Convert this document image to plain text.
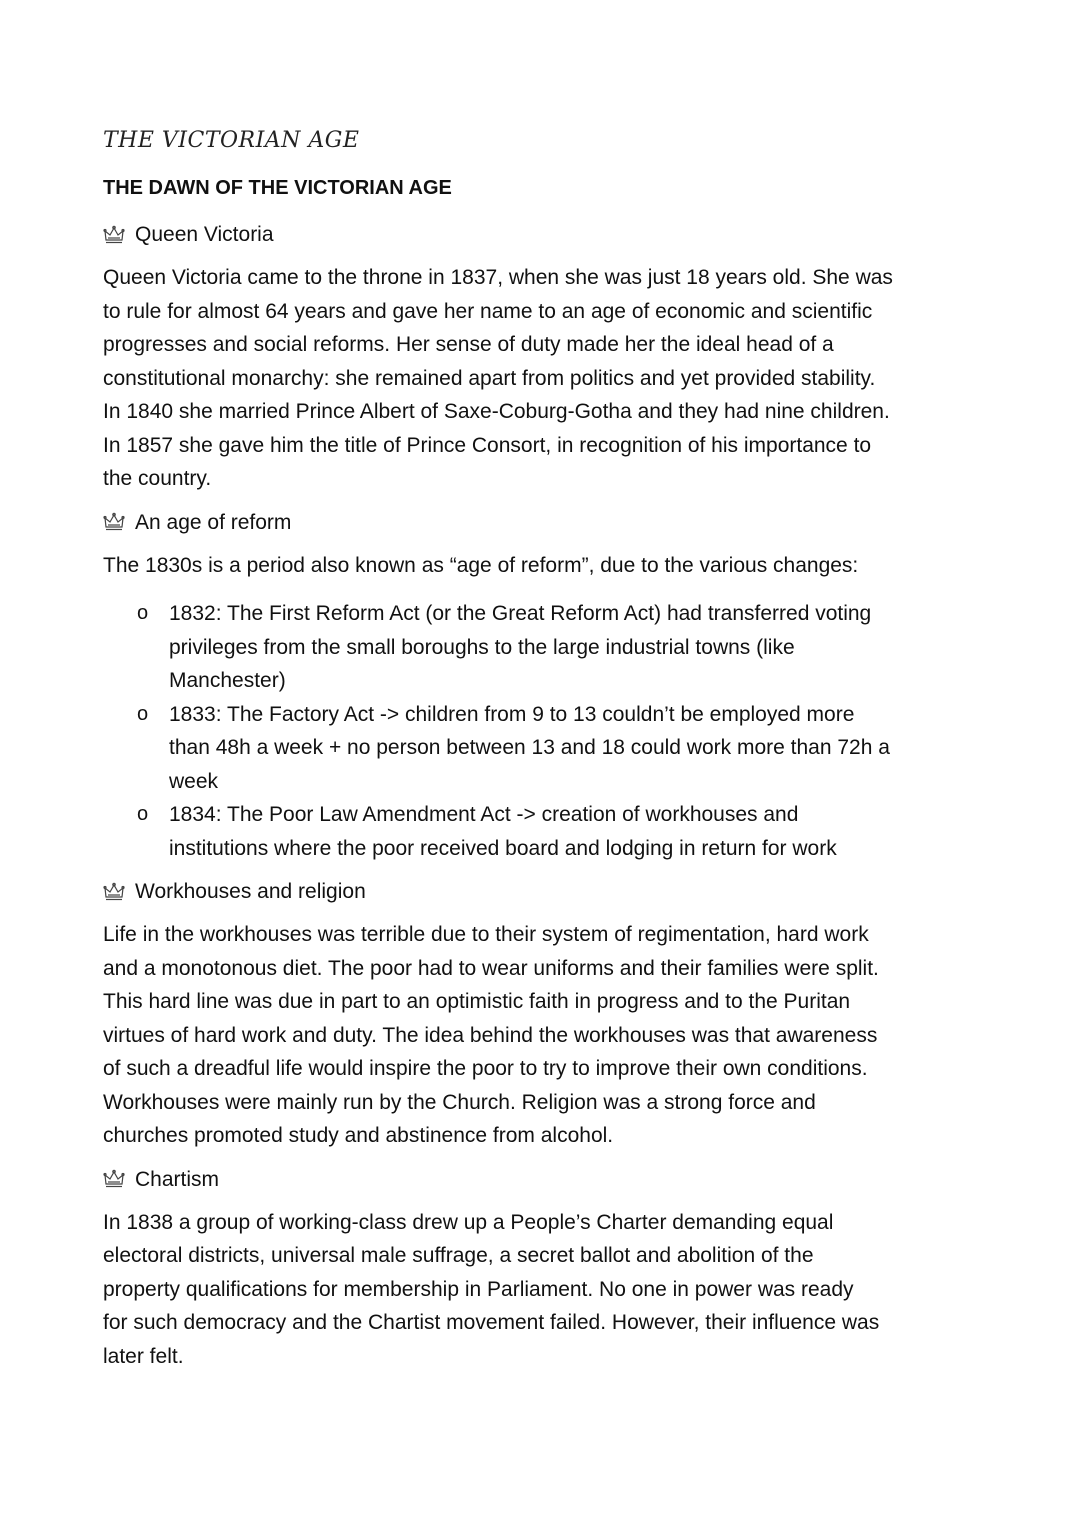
THE VICTORIAN AGE
THE DAWN OF THE VICTORIAN AGE
Queen Victoria
Queen Victoria came to the throne in 1837, when she was just 18 years old. She was
to rule for almost 64 years and gave her name to an age of economic and scientific
progresses and social reforms. Her sense of duty made her the ideal head of a
constitutional monarchy: she remained apart from politics and yet provided stability.
In 1840 she married Prince Albert of Saxe-Coburg-Gotha and they had nine children.
In 1857 she gave him the title of Prince Consort, in recognition of his importance to
the country.
An age of reform
The 1830s is a period also known as “age of reform”, due to the various changes:
o 1832: The First Reform Act (or the Great Reform Act) had transferred voting
privileges from the small boroughs to the large industrial towns (like
Manchester)
o 1833: The Factory Act -> children from 9 to 13 couldn’t be employed more
than 48h a week + no person between 13 and 18 could work more than 72h a
week
o 1834: The Poor Law Amendment Act -> creation of workhouses and
institutions where the poor received board and lodging in return for work
Workhouses and religion
Life in the workhouses was terrible due to their system of regimentation, hard work
and a monotonous diet. The poor had to wear uniforms and their families were split.
This hard line was due in part to an optimistic faith in progress and to the Puritan
virtues of hard work and duty. The idea behind the workhouses was that awareness
of such a dreadful life would inspire the poor to try to improve their own conditions.
Workhouses were mainly run by the Church. Religion was a strong force and
churches promoted study and abstinence from alcohol.
Chartism
In 1838 a group of working-class drew up a People’s Charter demanding equal
electoral districts, universal male suffrage, a secret ballot and abolition of the
property qualifications for membership in Parliament. No one in power was ready
for such democracy and the Chartist movement failed. However, their influence was
later felt.
